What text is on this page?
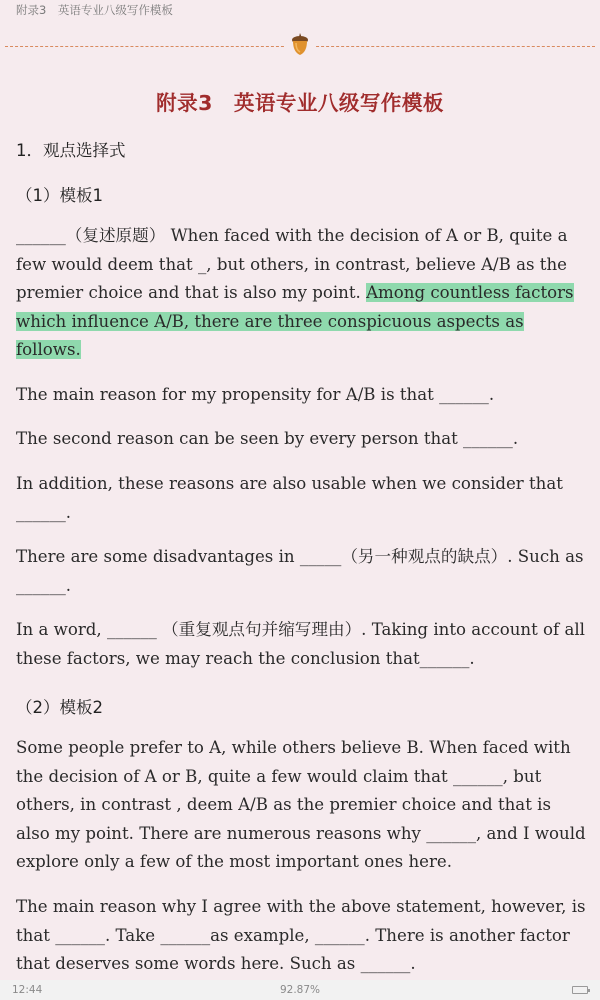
附录3　英语专业八级写作模板
附录3　英语专业八级写作模板
1．观点选择式
（1）模板1
______（复述原题） When faced with the decision of A or B, quite a few would deem that _, but others, in contrast, believe A/B as the premier choice and that is also my point. Among countless factors which influence A/B, there are three conspicuous aspects as follows.
The main reason for my propensity for A/B is that ______.
The second reason can be seen by every person that ______.
In addition, these reasons are also usable when we consider that ______.
There are some disadvantages in _____（另一种观点的缺点）. Such as ______.
In a word, ______ （重复观点句并缩写理由）. Taking into account of all these factors, we may reach the conclusion that______.
（2）模板2
Some people prefer to A, while others believe B. When faced with the decision of A or B, quite a few would claim that ______, but others, in contrast , deem A/B as the premier choice and that is also my point. There are numerous reasons why ______, and I would explore only a few of the most important ones here.
The main reason why I agree with the above statement, however, is that ______. Take ______as example, ______. There is another factor that deserves some words here. Such as ______.
12:44	92.87%
